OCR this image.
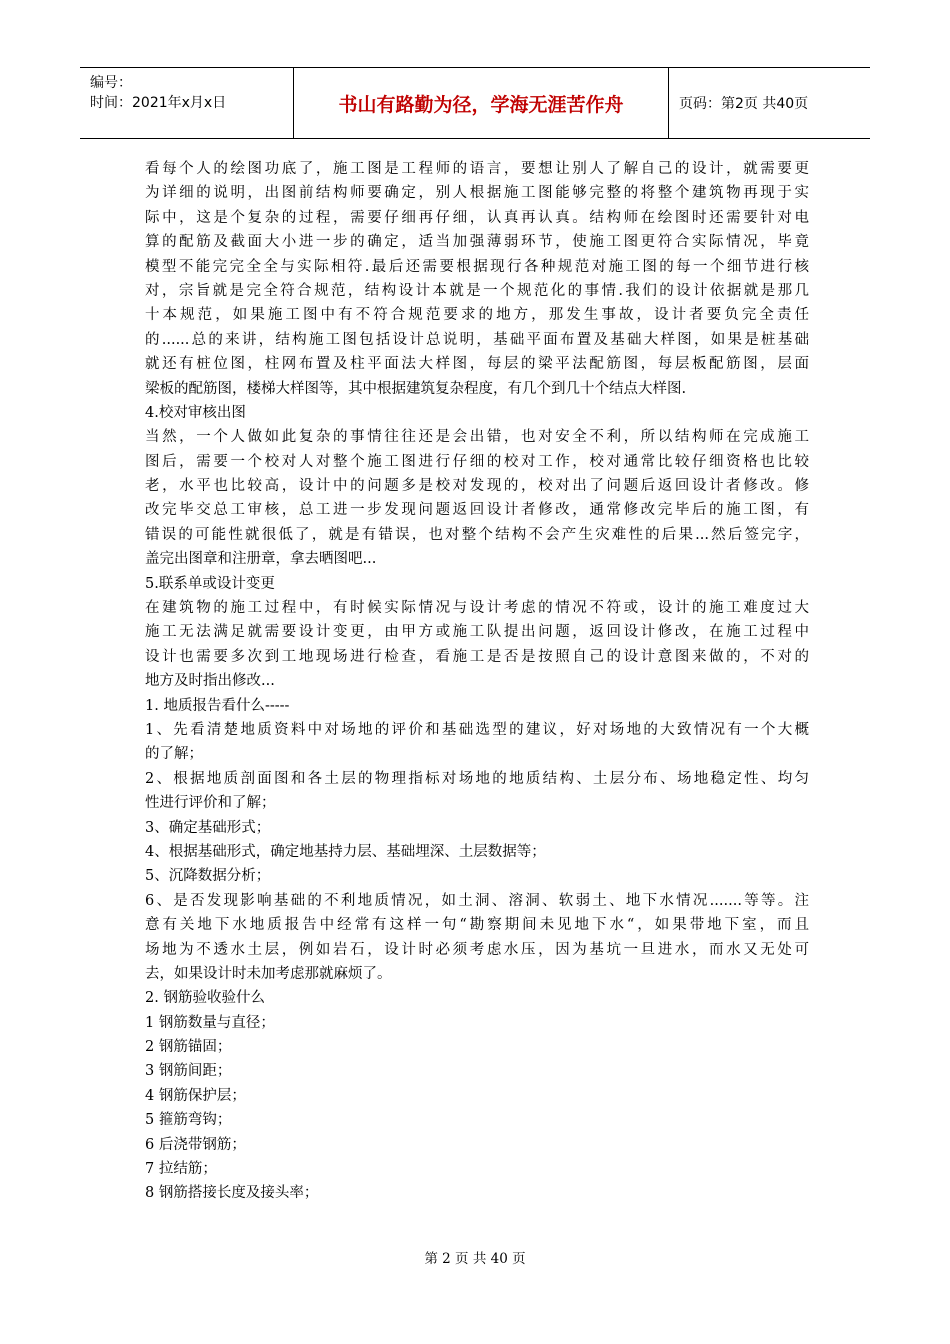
编号：
时间：2021年x月x日	书山有路勤为径，学海无涯苦作舟	页码：第2页 共40页
看每个人的绘图功底了，施工图是工程师的语言，要想让别人了解自己的设计，就需要更
为详细的说明，出图前结构师要确定，别人根据施工图能够完整的将整个建筑物再现于实
际中，这是个复杂的过程，需要仔细再仔细，认真再认真。结构师在绘图时还需要针对电
算的配筋及截面大小进一步的确定，适当加强薄弱环节，使施工图更符合实际情况，毕竟
模型不能完完全全与实际相符.最后还需要根据现行各种规范对施工图的每一个细节进行核
对，宗旨就是完全符合规范，结构设计本就是一个规范化的事情.我们的设计依据就是那几
十本规范，如果施工图中有不符合规范要求的地方，那发生事故，设计者要负完全责任
的......总的来讲，结构施工图包括设计总说明，基础平面布置及基础大样图，如果是桩基础
就还有桩位图，柱网布置及柱平面法大样图，每层的梁平法配筋图，每层板配筋图，层面
梁板的配筋图，楼梯大样图等，其中根据建筑复杂程度，有几个到几十个结点大样图.
4.校对审核出图
当然，一个人做如此复杂的事情往往还是会出错，也对安全不利，所以结构师在完成施工
图后，需要一个校对人对整个施工图进行仔细的校对工作，校对通常比较仔细资格也比较
老，水平也比较高，设计中的问题多是校对发现的，校对出了问题后返回设计者修改。修
改完毕交总工审核，总工进一步发现问题返回设计者修改，通常修改完毕后的施工图，有
错误的可能性就很低了，就是有错误，也对整个结构不会产生灾难性的后果...然后签完字，
盖完出图章和注册章，拿去晒图吧...
5.联系单或设计变更
在建筑物的施工过程中，有时候实际情况与设计考虑的情况不符或，设计的施工难度过大
施工无法满足就需要设计变更，由甲方或施工队提出问题，返回设计修改，在施工过程中
设计也需要多次到工地现场进行检查，看施工是否是按照自己的设计意图来做的，不对的
地方及时指出修改...
1. 地质报告看什么-----
1、先看清楚地质资料中对场地的评价和基础选型的建议，好对场地的大致情况有一个大概
的了解；
2、根据地质剖面图和各土层的物理指标对场地的地质结构、土层分布、场地稳定性、均匀
性进行评价和了解；
3、确定基础形式；
4、根据基础形式，确定地基持力层、基础埋深、土层数据等；
5、沉降数据分析；
6、是否发现影响基础的不利地质情况，如土洞、溶洞、软弱土、地下水情况.......等等。注
意有关地下水地质报告中经常有这样一句“勘察期间未见地下水“，如果带地下室，而且
场地为不透水土层，例如岩石，设计时必须考虑水压，因为基坑一旦进水，而水又无处可
去，如果设计时未加考虑那就麻烦了。
2. 钢筋验收验什么
1 钢筋数量与直径；
2 钢筋锚固；
3 钢筋间距；
4 钢筋保护层；
5 箍筋弯钩；
6 后浇带钢筋；
7 拉结筋；
8 钢筋搭接长度及接头率；
第 2 页 共 40 页
